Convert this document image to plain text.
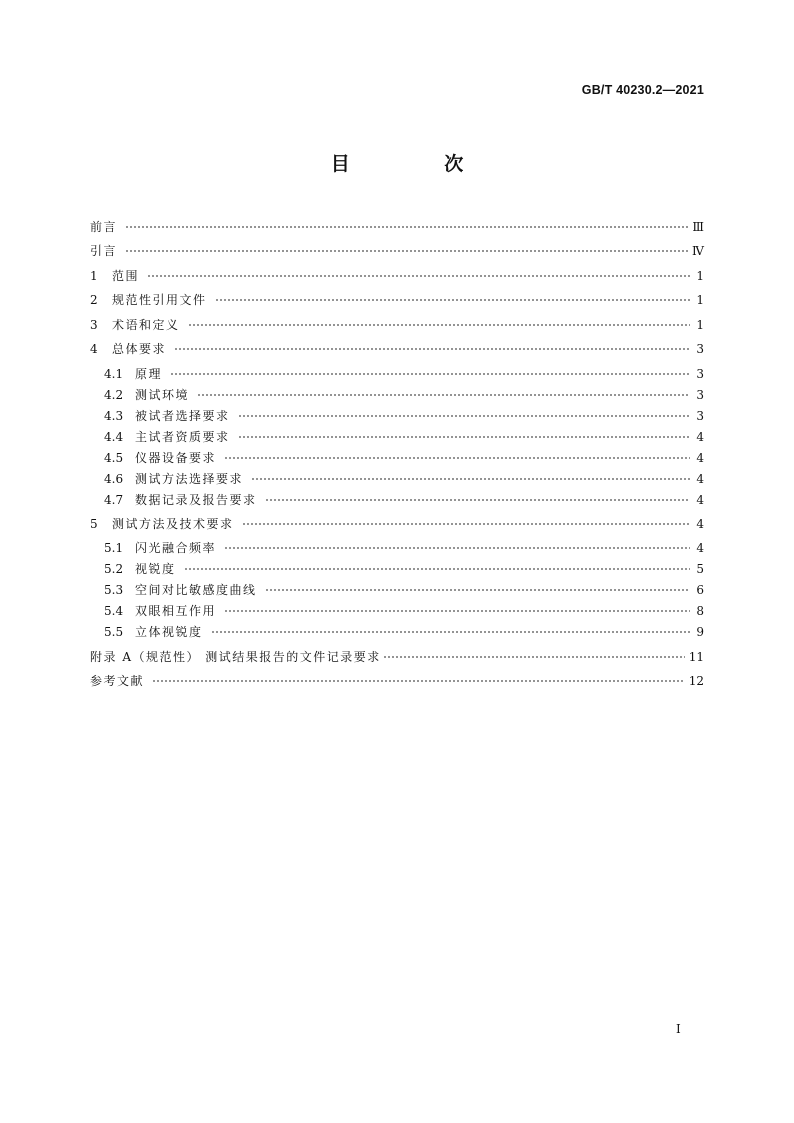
GB/T 40230.2—2021
目 次
前言	Ⅲ
引言	Ⅳ
1	范围	1
2	规范性引用文件	1
3	术语和定义	1
4	总体要求	3
4.1 原理	3
4.2 测试环境	3
4.3 被试者选择要求	3
4.4 主试者资质要求	4
4.5 仪器设备要求	4
4.6 测试方法选择要求	4
4.7 数据记录及报告要求	4
5	测试方法及技术要求	4
5.1 闪光融合频率	4
5.2 视锐度	5
5.3 空间对比敏感度曲线	6
5.4 双眼相互作用	8
5.5 立体视锐度	9
附录 A（规范性） 测试结果报告的文件记录要求	11
参考文献	12
Ⅰ
